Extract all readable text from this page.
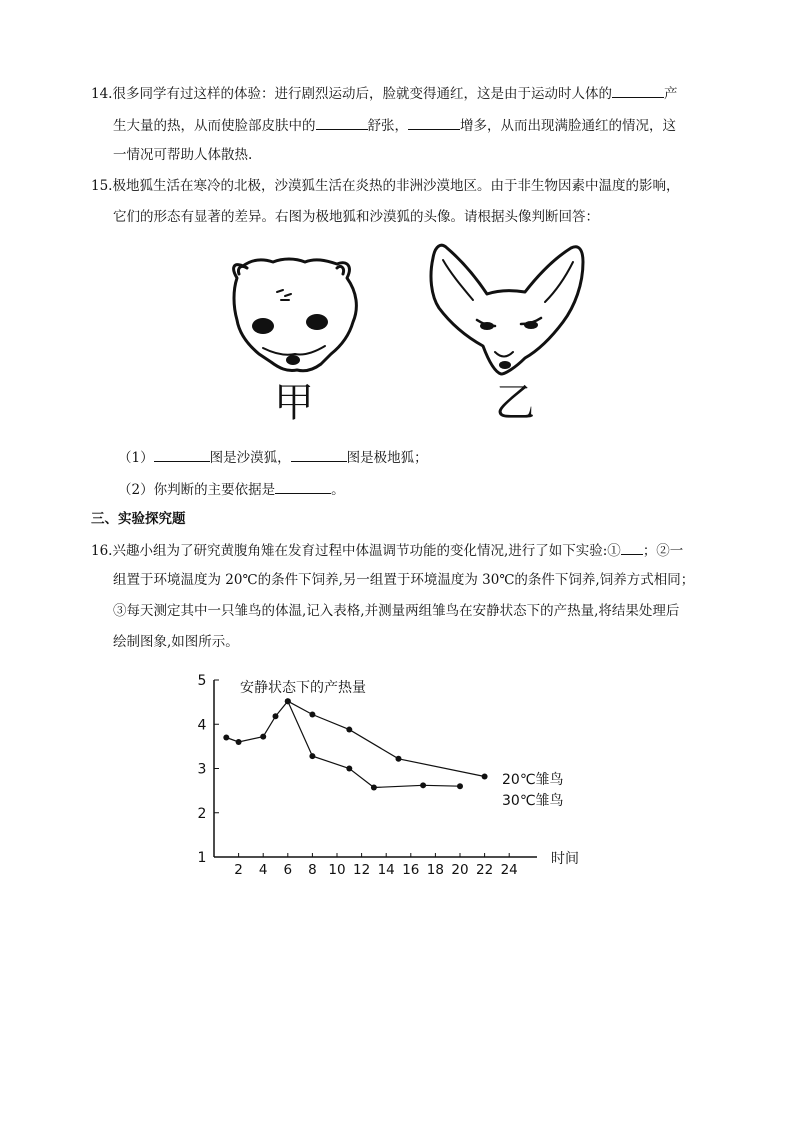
14.很多同学有过这样的体验：进行剧烈运动后，脸就变得通红，这是由于运动时人体的	产
生大量的热，从而使脸部皮肤中的	舒张，	增多，从而出现满脸通红的情况，这
一情况可帮助人体散热.
15.极地狐生活在寒冷的北极，沙漠狐生活在炎热的非洲沙漠地区。由于非生物因素中温度的影响，
它们的形态有显著的差异。右图为极地狐和沙漠狐的头像。请根据头像判断回答：
甲	乙
（1）	图是沙漠狐，	图是极地狐；
（2）你判断的主要依据是	。
三、实验探究题
16.兴趣小组为了研究黄腹角雉在发育过程中体温调节功能的变化情况,进行了如下实验:① ；②一
组置于环境温度为 20℃的条件下饲养,另一组置于环境温度为 30℃的条件下饲养,饲养方式相同；
③每天测定其中一只雏鸟的体温,记入表格,并测量两组雏鸟在安静状态下的产热量,将结果处理后
绘制图象,如图所示。
安静状态下的产热量
时间
1
2
3
4
5
2 4 6 8 10 12 14 16 18 20 22 24
20℃雏鸟
30℃雏鸟
